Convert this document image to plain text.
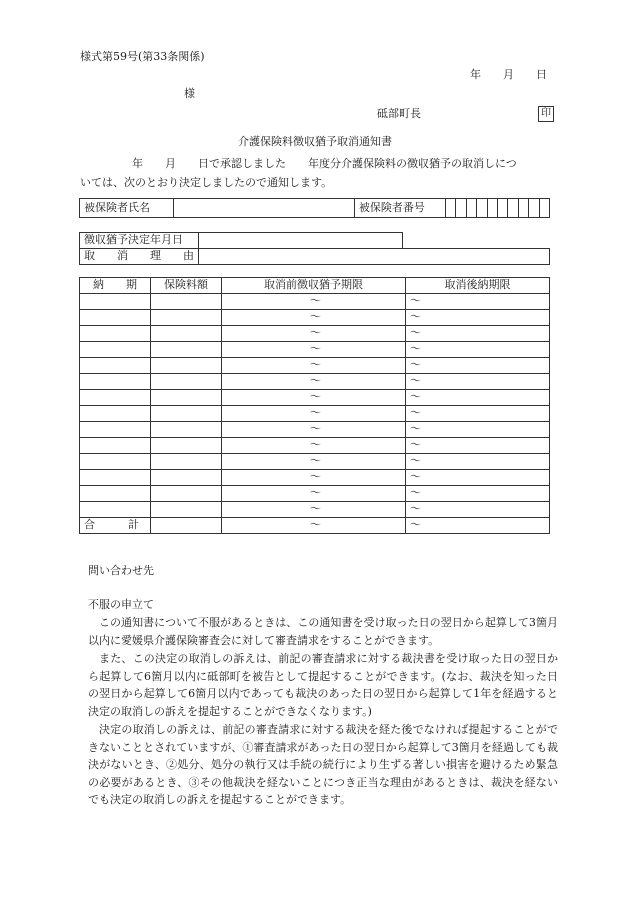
様式第59号(第33条関係)
年　　月　　日
様
砥部町長	印
介護保険料徴収猶予取消通知書
年　　月　　日で承認しました　　年度分介護保険料の徴収猶予の取消しにつ
いては、次のとおり決定しましたので通知します。
被保険者氏名		被保険者番号										
徴収猶予決定年月日		
取　　消　　理　　由		
納　　期	保険料額	取消前徴収猶予期限	取消後納期限
		～	～
		～	～
		～	～
		～	～
		～	～
		～	～
		～	～
		～	～
		～	～
		～	～
		～	～
		～	～
		～	～
		～	～
合　　　計		～	～
問い合わせ先
不服の申立て
この通知書について不服があるときは、この通知書を受け取った日の翌日から起算して3箇月以内に愛媛県介護保険審査会に対して審査請求をすることができます。
また、この決定の取消しの訴えは、前記の審査請求に対する裁決書を受け取った日の翌日から起算して6箇月以内に砥部町を被告として提起することができます。(なお、裁決を知った日の翌日から起算して6箇月以内であっても裁決のあった日の翌日から起算して1年を経過すると決定の取消しの訴えを提起することができなくなります。)
決定の取消しの訴えは、前記の審査請求に対する裁決を経た後でなければ提起することができないこととされていますが、①審査請求があった日の翌日から起算して3箇月を経過しても裁決がないとき、②処分、処分の執行又は手続の続行により生ずる著しい損害を避けるため緊急の必要があるとき、③その他裁決を経ないことにつき正当な理由があるときは、裁決を経ないでも決定の取消しの訴えを提起することができます。
